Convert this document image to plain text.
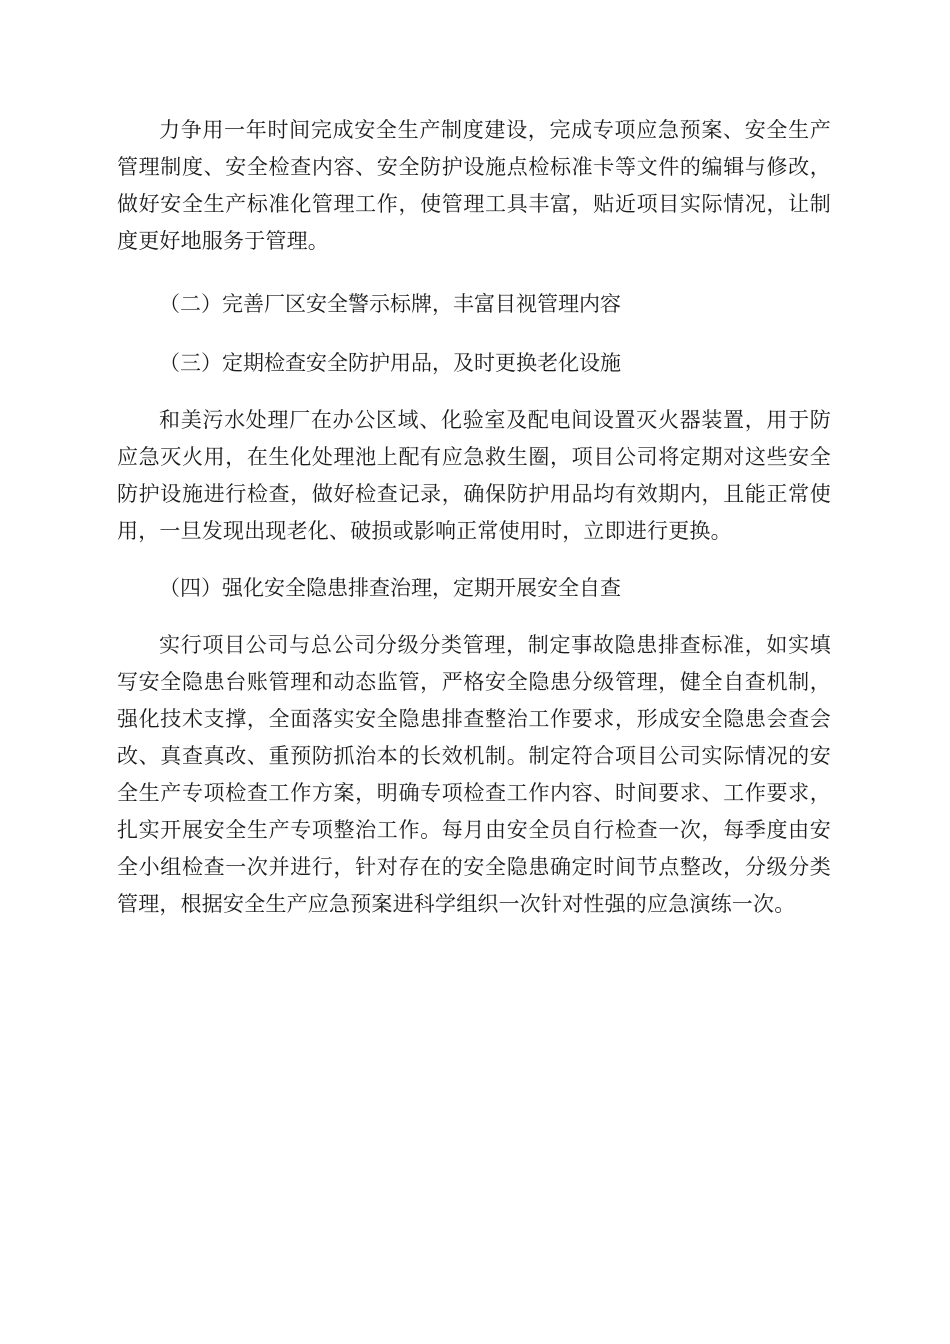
力争用一年时间完成安全生产制度建设，完成专项应急预案、安全生产管理制度、安全检查内容、安全防护设施点检标准卡等文件的编辑与修改，做好安全生产标准化管理工作，使管理工具丰富，贴近项目实际情况，让制度更好地服务于管理。

（二）完善厂区安全警示标牌，丰富目视管理内容

（三）定期检查安全防护用品，及时更换老化设施

和美污水处理厂在办公区域、化验室及配电间设置灭火器装置，用于防应急灭火用，在生化处理池上配有应急救生圈，项目公司将定期对这些安全防护设施进行检查，做好检查记录，确保防护用品均有效期内，且能正常使用，一旦发现出现老化、破损或影响正常使用时，立即进行更换。

（四）强化安全隐患排查治理，定期开展安全自查

实行项目公司与总公司分级分类管理，制定事故隐患排查标准，如实填写安全隐患台账管理和动态监管，严格安全隐患分级管理，健全自查机制，强化技术支撑，全面落实安全隐患排查整治工作要求，形成安全隐患会查会改、真查真改、重预防抓治本的长效机制。制定符合项目公司实际情况的安全生产专项检查工作方案，明确专项检查工作内容、时间要求、工作要求，扎实开展安全生产专项整治工作。每月由安全员自行检查一次，每季度由安全小组检查一次并进行，针对存在的安全隐患确定时间节点整改，分级分类管理，根据安全生产应急预案进科学组织一次针对性强的应急演练一次。
